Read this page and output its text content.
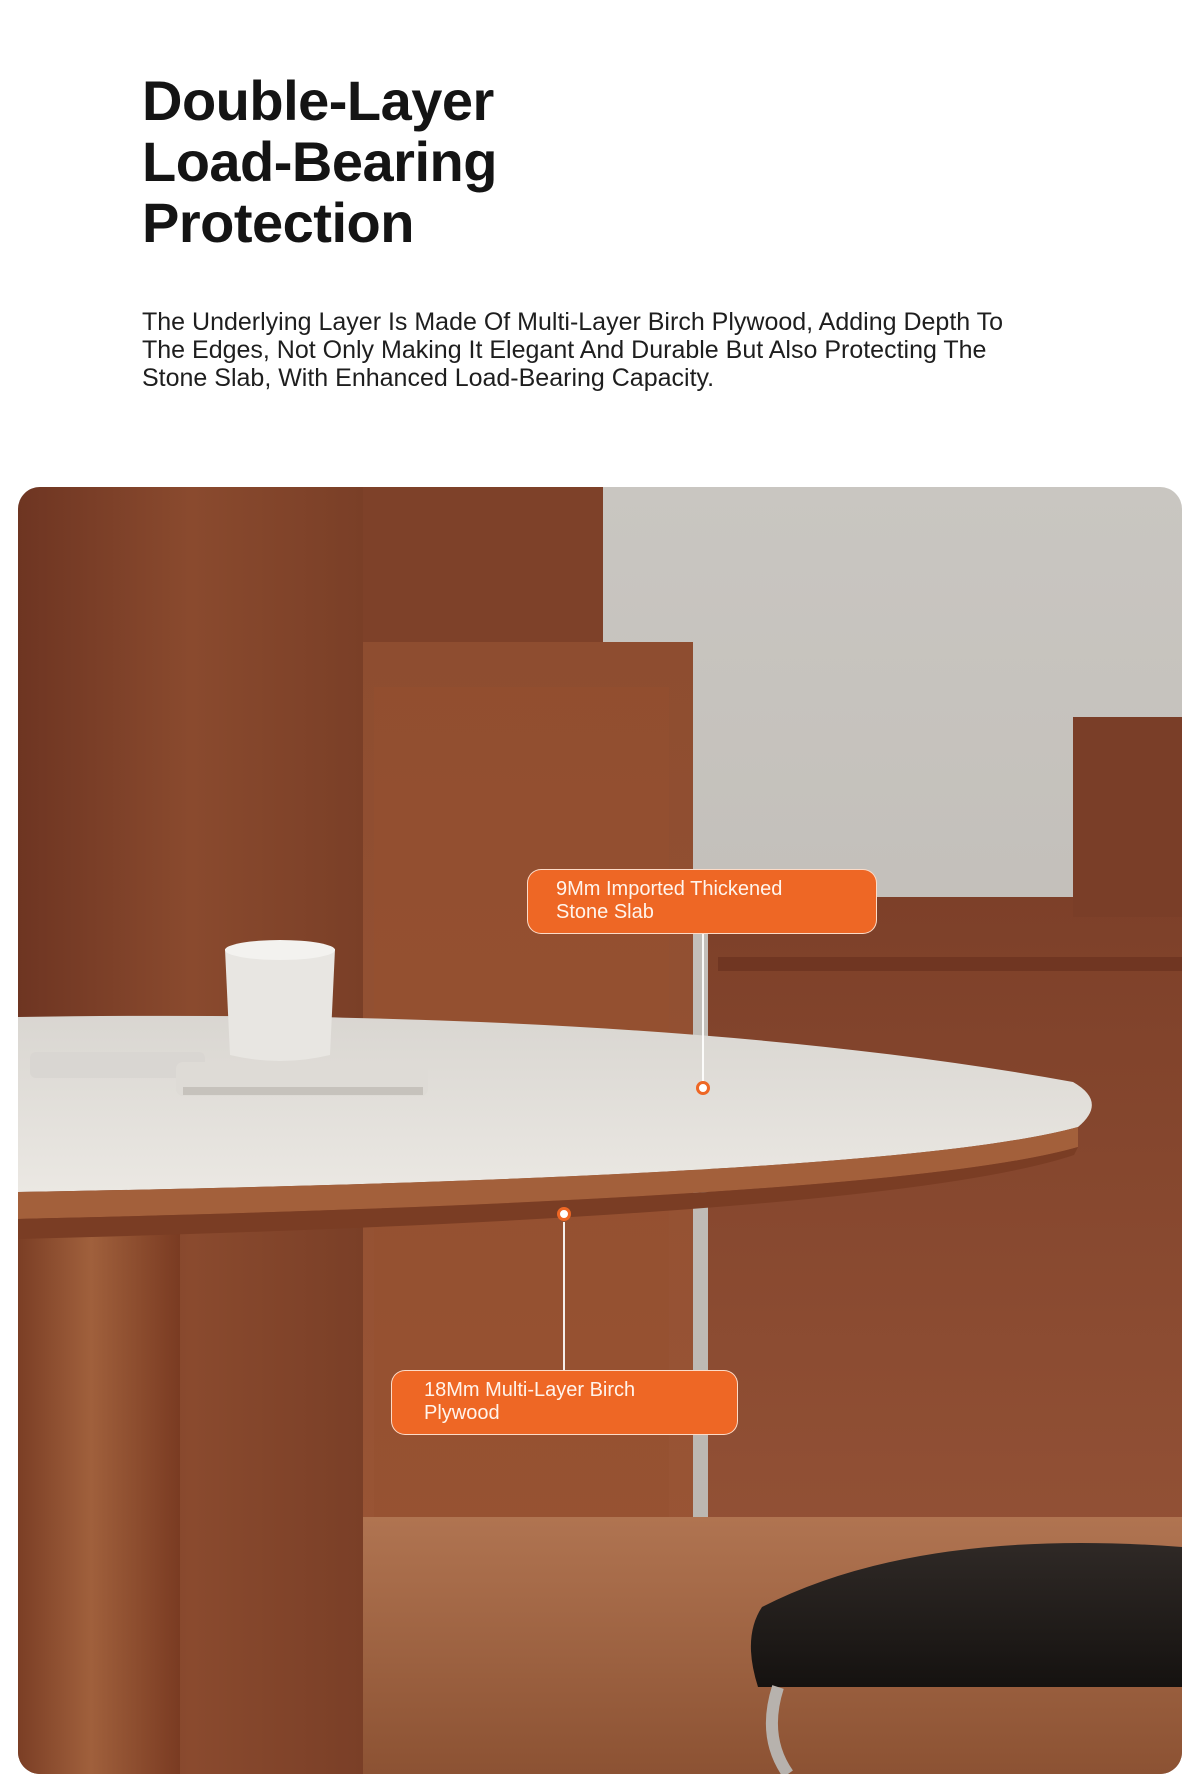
Double-Layer
Load-Bearing
Protection

The Underlying Layer Is Made Of Multi-Layer Birch Plywood, Adding Depth To The Edges, Not Only Making It Elegant And Durable But Also Protecting The Stone Slab, With Enhanced Load-Bearing Capacity.

9Mm Imported Thickened
Stone Slab
18Mm Multi-Layer Birch
Plywood
